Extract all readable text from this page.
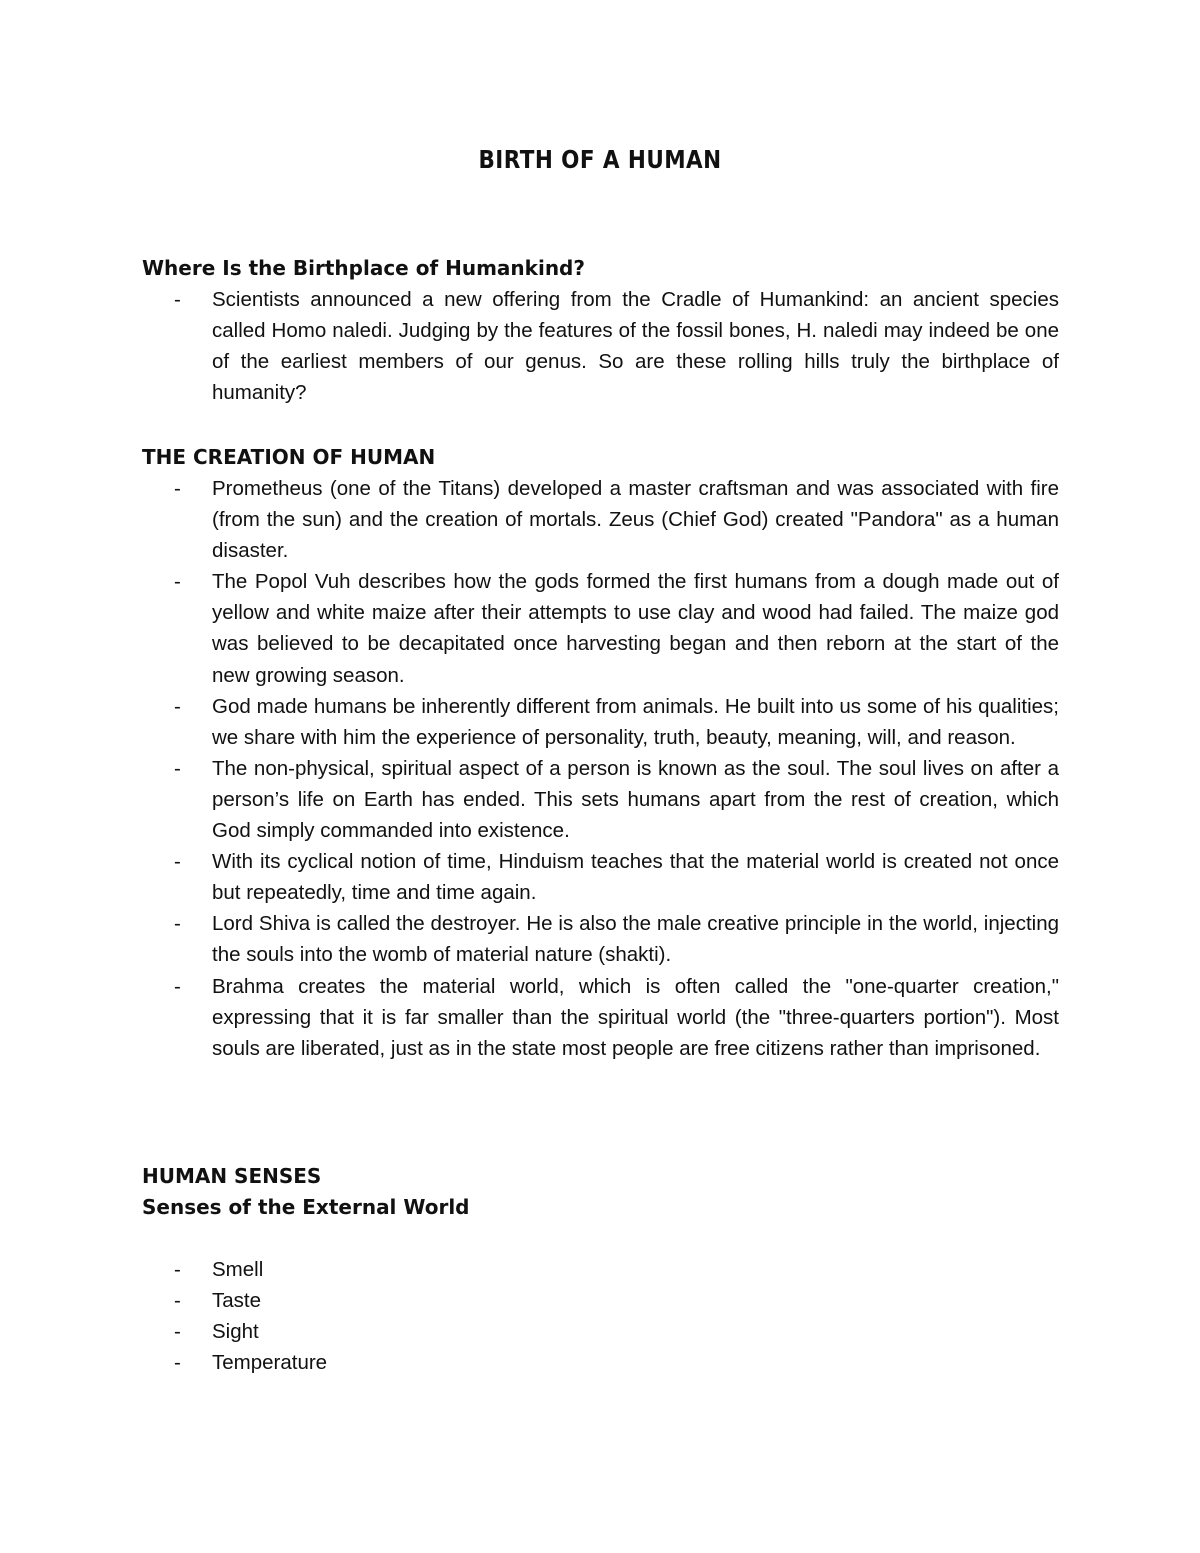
BIRTH OF A HUMAN
Where Is the Birthplace of Humankind?
- Scientists announced a new offering from the Cradle of Humankind: an ancient species called Homo naledi. Judging by the features of the fossil bones, H. naledi may indeed be one of the earliest members of our genus. So are these rolling hills truly the birthplace of humanity?
THE CREATION OF HUMAN
- Prometheus (one of the Titans) developed a master craftsman and was associated with fire (from the sun) and the creation of mortals. Zeus (Chief God) created "Pandora" as a human disaster.
- The Popol Vuh describes how the gods formed the first humans from a dough made out of yellow and white maize after their attempts to use clay and wood had failed. The maize god was believed to be decapitated once harvesting began and then reborn at the start of the new growing season.
- God made humans be inherently different from animals. He built into us some of his qualities; we share with him the experience of personality, truth, beauty, meaning, will, and reason.
- The non-physical, spiritual aspect of a person is known as the soul. The soul lives on after a person’s life on Earth has ended. This sets humans apart from the rest of creation, which God simply commanded into existence.
- With its cyclical notion of time, Hinduism teaches that the material world is created not once but repeatedly, time and time again.
- Lord Shiva is called the destroyer. He is also the male creative principle in the world, injecting the souls into the womb of material nature (shakti).
- Brahma creates the material world, which is often called the "one-quarter creation," expressing that it is far smaller than the spiritual world (the "three-quarters portion"). Most souls are liberated, just as in the state most people are free citizens rather than imprisoned.
HUMAN SENSES
Senses of the External World
- Smell
- Taste
- Sight
- Temperature
